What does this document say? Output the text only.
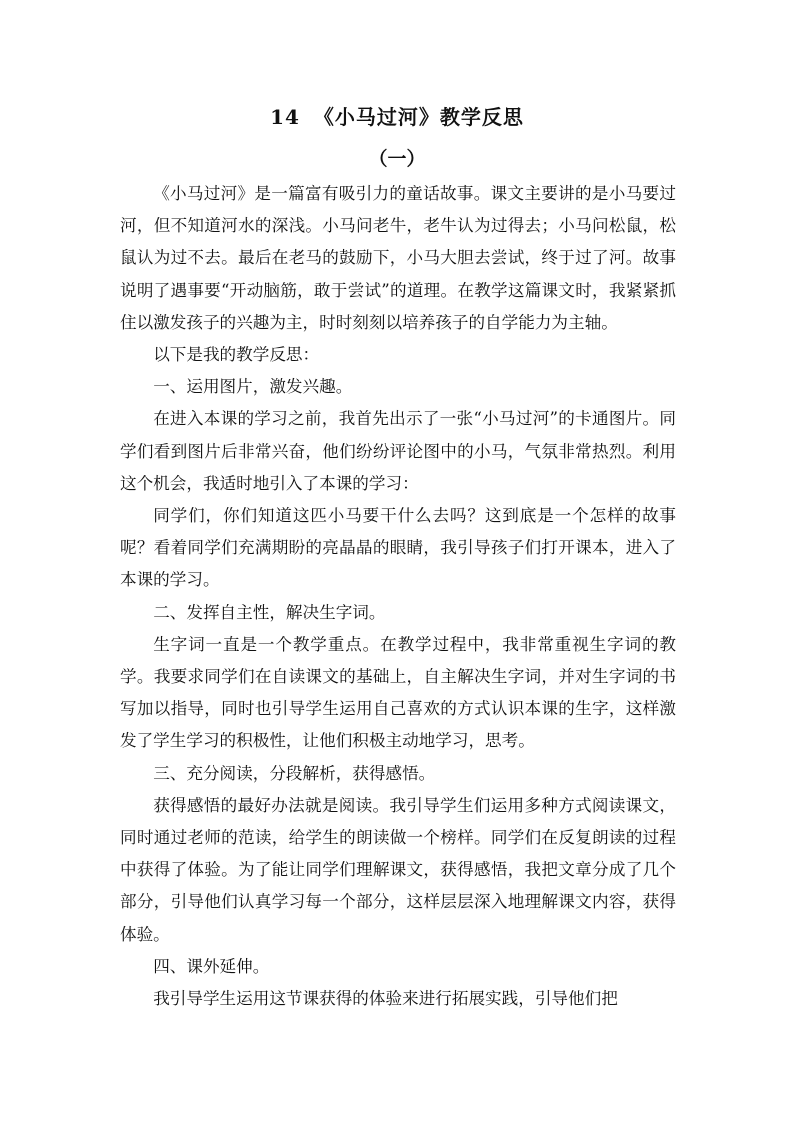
14 《小马过河》教学反思
（一）

《小马过河》是一篇富有吸引力的童话故事。课文主要讲的是小马要过河，但不知道河水的深浅。小马问老牛，老牛认为过得去；小马问松鼠，松鼠认为过不去。最后在老马的鼓励下，小马大胆去尝试，终于过了河。故事说明了遇事要“开动脑筋，敢于尝试”的道理。在教学这篇课文时，我紧紧抓住以激发孩子的兴趣为主，时时刻刻以培养孩子的自学能力为主轴。

以下是我的教学反思：

一、运用图片，激发兴趣。

在进入本课的学习之前，我首先出示了一张“小马过河”的卡通图片。同学们看到图片后非常兴奋，他们纷纷评论图中的小马，气氛非常热烈。利用这个机会，我适时地引入了本课的学习：

同学们，你们知道这匹小马要干什么去吗？这到底是一个怎样的故事呢？看着同学们充满期盼的亮晶晶的眼睛，我引导孩子们打开课本，进入了本课的学习。

二、发挥自主性，解决生字词。

生字词一直是一个教学重点。在教学过程中，我非常重视生字词的教学。我要求同学们在自读课文的基础上，自主解决生字词，并对生字词的书写加以指导，同时也引导学生运用自己喜欢的方式认识本课的生字，这样激发了学生学习的积极性，让他们积极主动地学习，思考。

三、充分阅读，分段解析，获得感悟。

获得感悟的最好办法就是阅读。我引导学生们运用多种方式阅读课文，同时通过老师的范读，给学生的朗读做一个榜样。同学们在反复朗读的过程中获得了体验。为了能让同学们理解课文，获得感悟，我把文章分成了几个部分，引导他们认真学习每一个部分，这样层层深入地理解课文内容，获得体验。

四、课外延伸。

我引导学生运用这节课获得的体验来进行拓展实践，引导他们把
